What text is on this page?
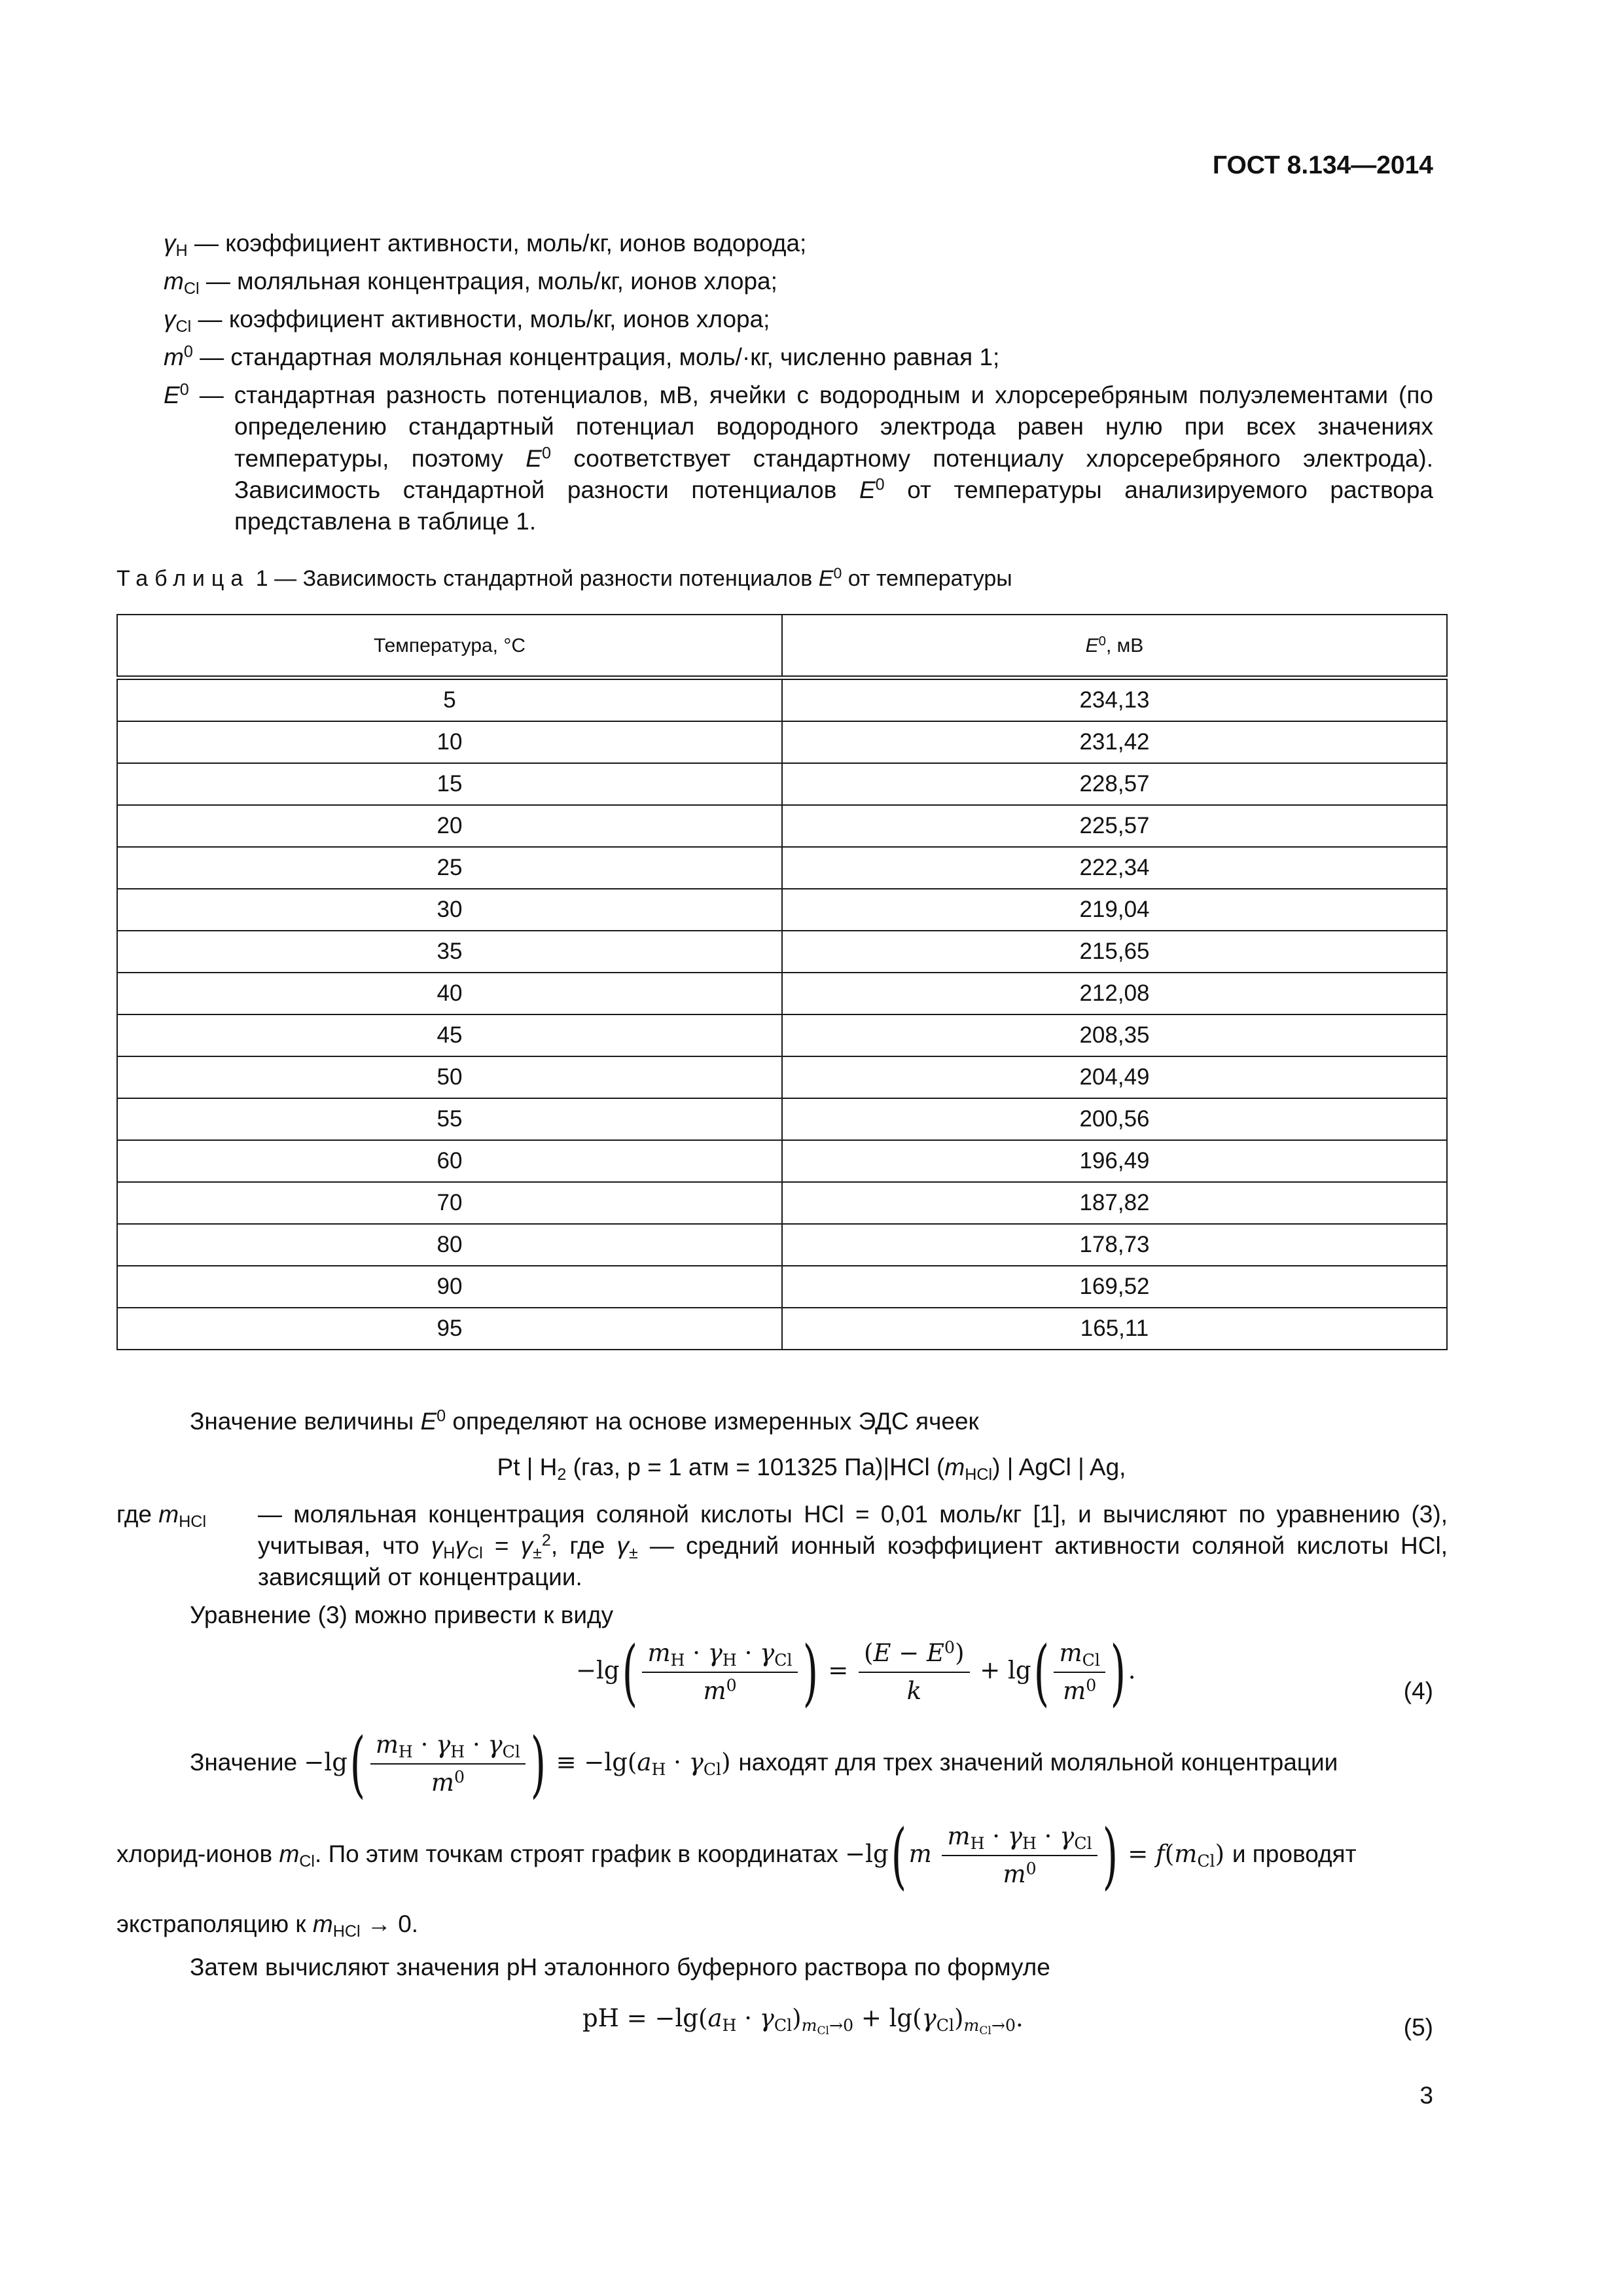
ГОСТ 8.134—2014
$\gamma_H$ — коэффициент активности, моль/кг, ионов водорода;
$m_{Cl}$ — моляльная концентрация, моль/кг, ионов хлора;
$\gamma_{Cl}$ — коэффициент активности, моль/кг, ионов хлора;
$m^0$ — стандартная моляльная концентрация, моль/·кг, численно равная 1;
$E^0$ — стандартная разность потенциалов, мВ, ячейки с водородным и хлорсеребряным полуэлементами (по определению стандартный потенциал водородного электрода равен нулю при всех значениях температуры, поэтому $E^0$ соответствует стандартному потенциалу хлорсеребряного электрода). Зависимость стандартной разности потенциалов $E^0$ от температуры анализируемого раствора представлена в таблице 1.
Таблица 1 — Зависимость стандартной разности потенциалов $E^0$ от температуры
Температура, °C	$E^0$, мВ
5	234,13
10	231,42
15	228,57
20	225,57
25	222,34
30	219,04
35	215,65
40	212,08
45	208,35
50	204,49
55	200,56
60	196,49
70	187,82
80	178,73
90	169,52
95	165,11
Значение величины $E^0$ определяют на основе измеренных ЭДС ячеек
Pt | $H_2$ (газ, p = 1 атм = 101325 Па)|HCl $(m_{HCl})$ | AgCl | Ag,
где $m_{HCl}$	— моляльная концентрация соляной кислоты HCl = 0,01 моль/кг [1], и вычисляют по уравнению (3), учитывая, что $\gamma_H\gamma_{Cl} = \gamma_\pm^2$, где $\gamma_\pm$ — средний ионный коэффициент активности соляной кислоты HCl, зависящий от концентрации.
Уравнение (3) можно привести к виду
$-\lg( \frac{m_H \cdot \gamma_H \cdot \gamma_{Cl}}{m^0}$ ) = $\frac{(E - E^0)}{k} + \lg( \frac{m_{Cl}}{m^0}$ ).
(4)
Значение $-\lg( \frac{m_H \cdot \gamma_H \cdot \gamma_{Cl}}{m^0}$ ) ≡ $-\lg(a_H \cdot \gamma_{Cl})$ находят для трех значений моляльной концентрации
хлорид-ионов $m_{Cl}$. По этим точкам строят график в координатах $-\lg(m \frac{m_H \cdot \gamma_H \cdot \gamma_{Cl}}{m^0}$ ) = $f(m_{Cl})$ и проводят
экстраполяцию к $m_{HCl} \to 0$.
Затем вычисляют значения pH эталонного буферного раствора по формуле
pH = $-\lg(a_H \cdot \gamma_{Cl})_{m_{Cl}\to 0} + \lg(\gamma_{Cl})_{m_{Cl}\to 0}$.	(5)
3
